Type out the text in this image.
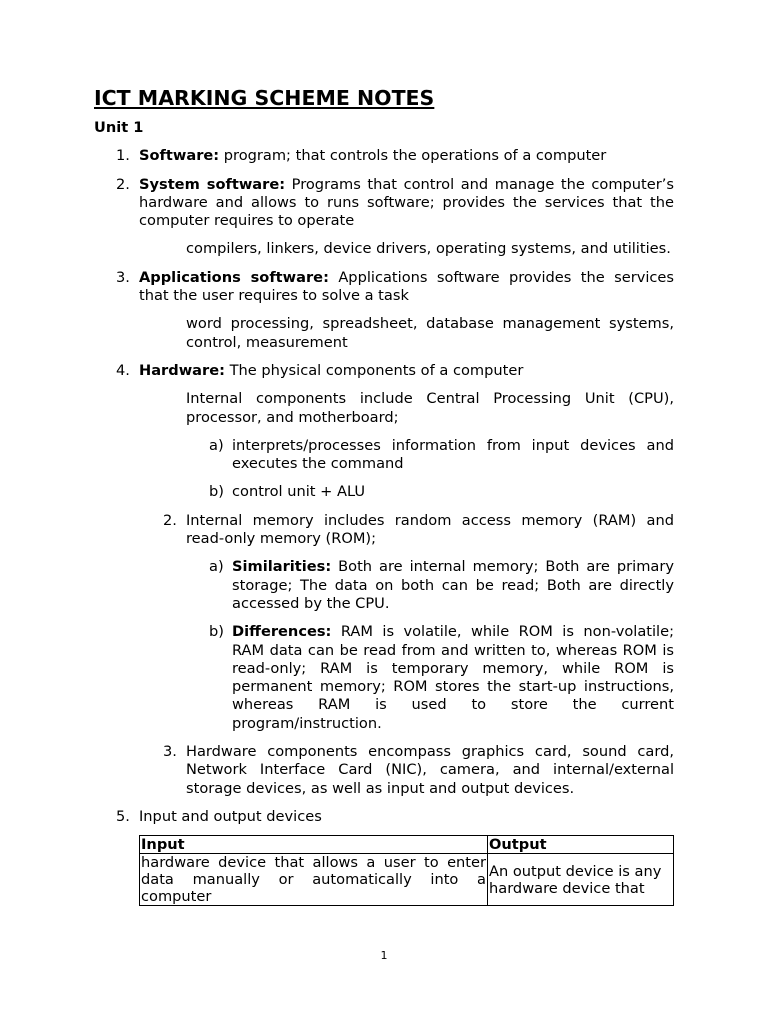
ICT MARKING SCHEME NOTES
Unit 1
1. Software: program; that controls the operations of a computer
2. System software: Programs that control and manage the computer’s hardware and allows to runs software; provides the services that the computer requires to operate
compilers, linkers, device drivers, operating systems, and utilities.
3. Applications software: Applications software provides the services that the user requires to solve a task
word processing, spreadsheet, database management systems, control, measurement
4. Hardware: The physical components of a computer
Internal components include Central Processing Unit (CPU), processor, and motherboard;
a) interprets/processes information from input devices and executes the command
b) control unit + ALU
2. Internal memory includes random access memory (RAM) and read-only memory (ROM);
a) Similarities: Both are internal memory; Both are primary storage; The data on both can be read; Both are directly accessed by the CPU.
b) Differences: RAM is volatile, while ROM is non-volatile; RAM data can be read from and written to, whereas ROM is read-only; RAM is temporary memory, while ROM is permanent memory; ROM stores the start-up instructions, whereas RAM is used to store the current program/instruction.
3. Hardware components encompass graphics card, sound card, Network Interface Card (NIC), camera, and internal/external storage devices, as well as input and output devices.
5. Input and output devices
Input	Output
hardware device that allows a user to enter data manually or automatically into a computer	An output device is any hardware device that
1
